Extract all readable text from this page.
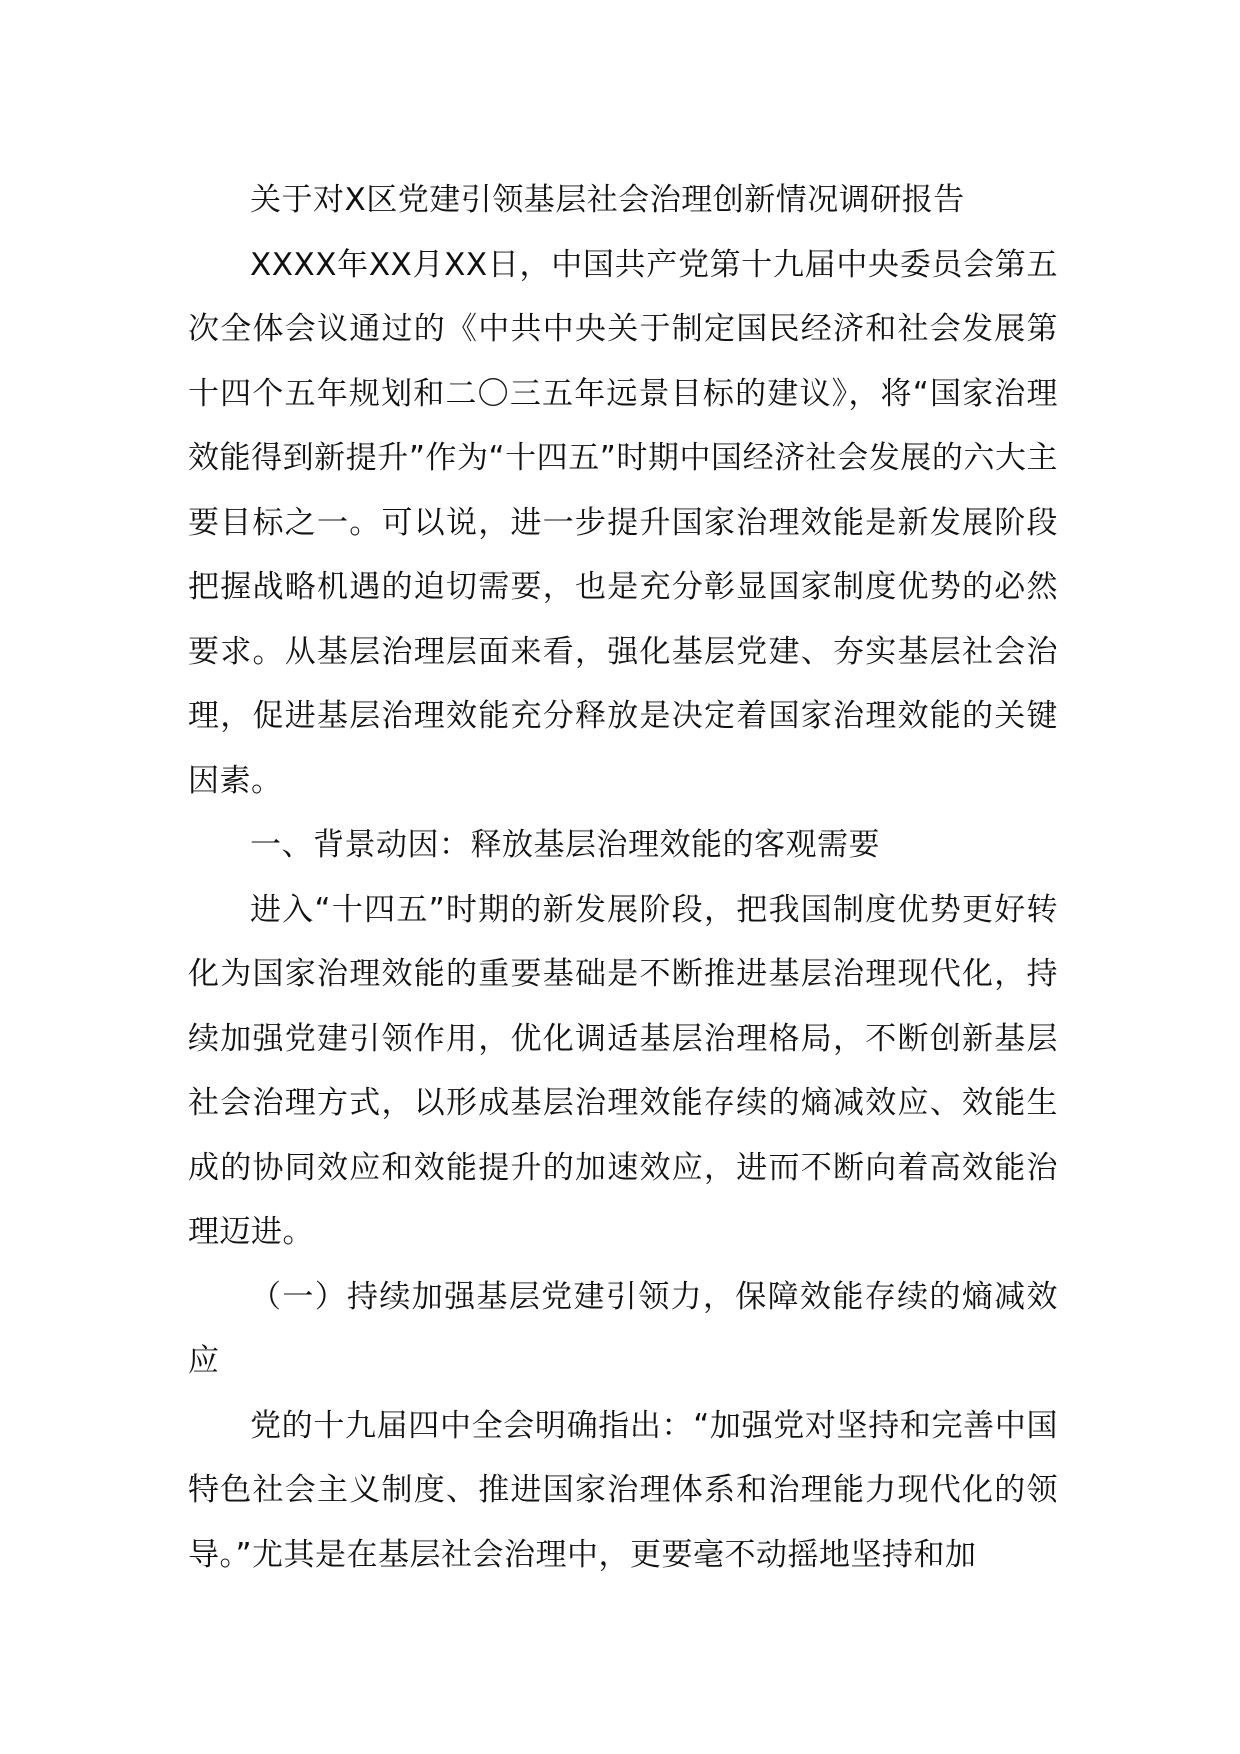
关于对X区党建引领基层社会治理创新情况调研报告

XXXX年XX月XX日，中国共产党第十九届中央委员会第五次全体会议通过的《中共中央关于制定国民经济和社会发展第十四个五年规划和二〇三五年远景目标的建议》，将“国家治理效能得到新提升”作为“十四五”时期中国经济社会发展的六大主要目标之一。可以说，进一步提升国家治理效能是新发展阶段把握战略机遇的迫切需要，也是充分彰显国家制度优势的必然要求。从基层治理层面来看，强化基层党建、夯实基层社会治理，促进基层治理效能充分释放是决定着国家治理效能的关键因素。

一、背景动因：释放基层治理效能的客观需要

进入“十四五”时期的新发展阶段，把我国制度优势更好转化为国家治理效能的重要基础是不断推进基层治理现代化，持续加强党建引领作用，优化调适基层治理格局，不断创新基层社会治理方式，以形成基层治理效能存续的熵减效应、效能生成的协同效应和效能提升的加速效应，进而不断向着高效能治理迈进。

（一）持续加强基层党建引领力，保障效能存续的熵减效应

党的十九届四中全会明确指出：“加强党对坚持和完善中国特色社会主义制度、推进国家治理体系和治理能力现代化的领导。”尤其是在基层社会治理中，更要毫不动摇地坚持和加
